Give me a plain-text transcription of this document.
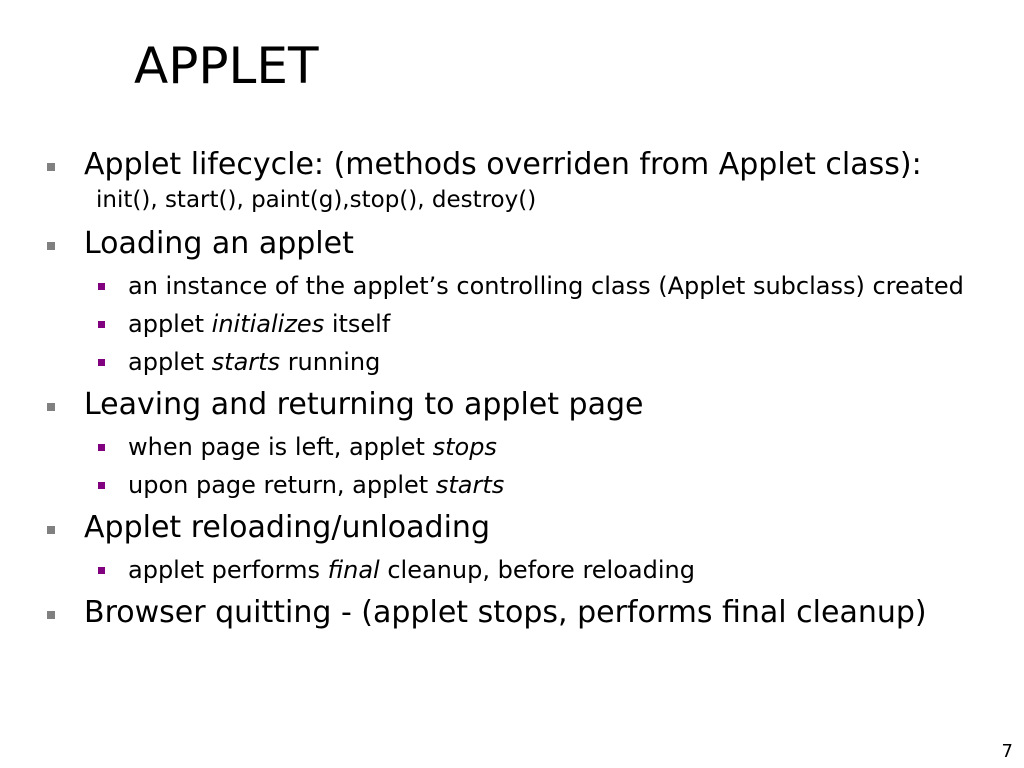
APPLET
Applet lifecycle: (methods overriden from Applet class):
init(), start(), paint(g),stop(), destroy()
Loading an applet
an instance of the applet’s controlling class (Applet subclass) created
applet initializes itself
applet starts running
Leaving and returning to applet page
when page is left, applet stops
upon page return, applet starts
Applet reloading/unloading
applet performs final cleanup, before reloading
Browser quitting - (applet stops, performs final cleanup)
7
